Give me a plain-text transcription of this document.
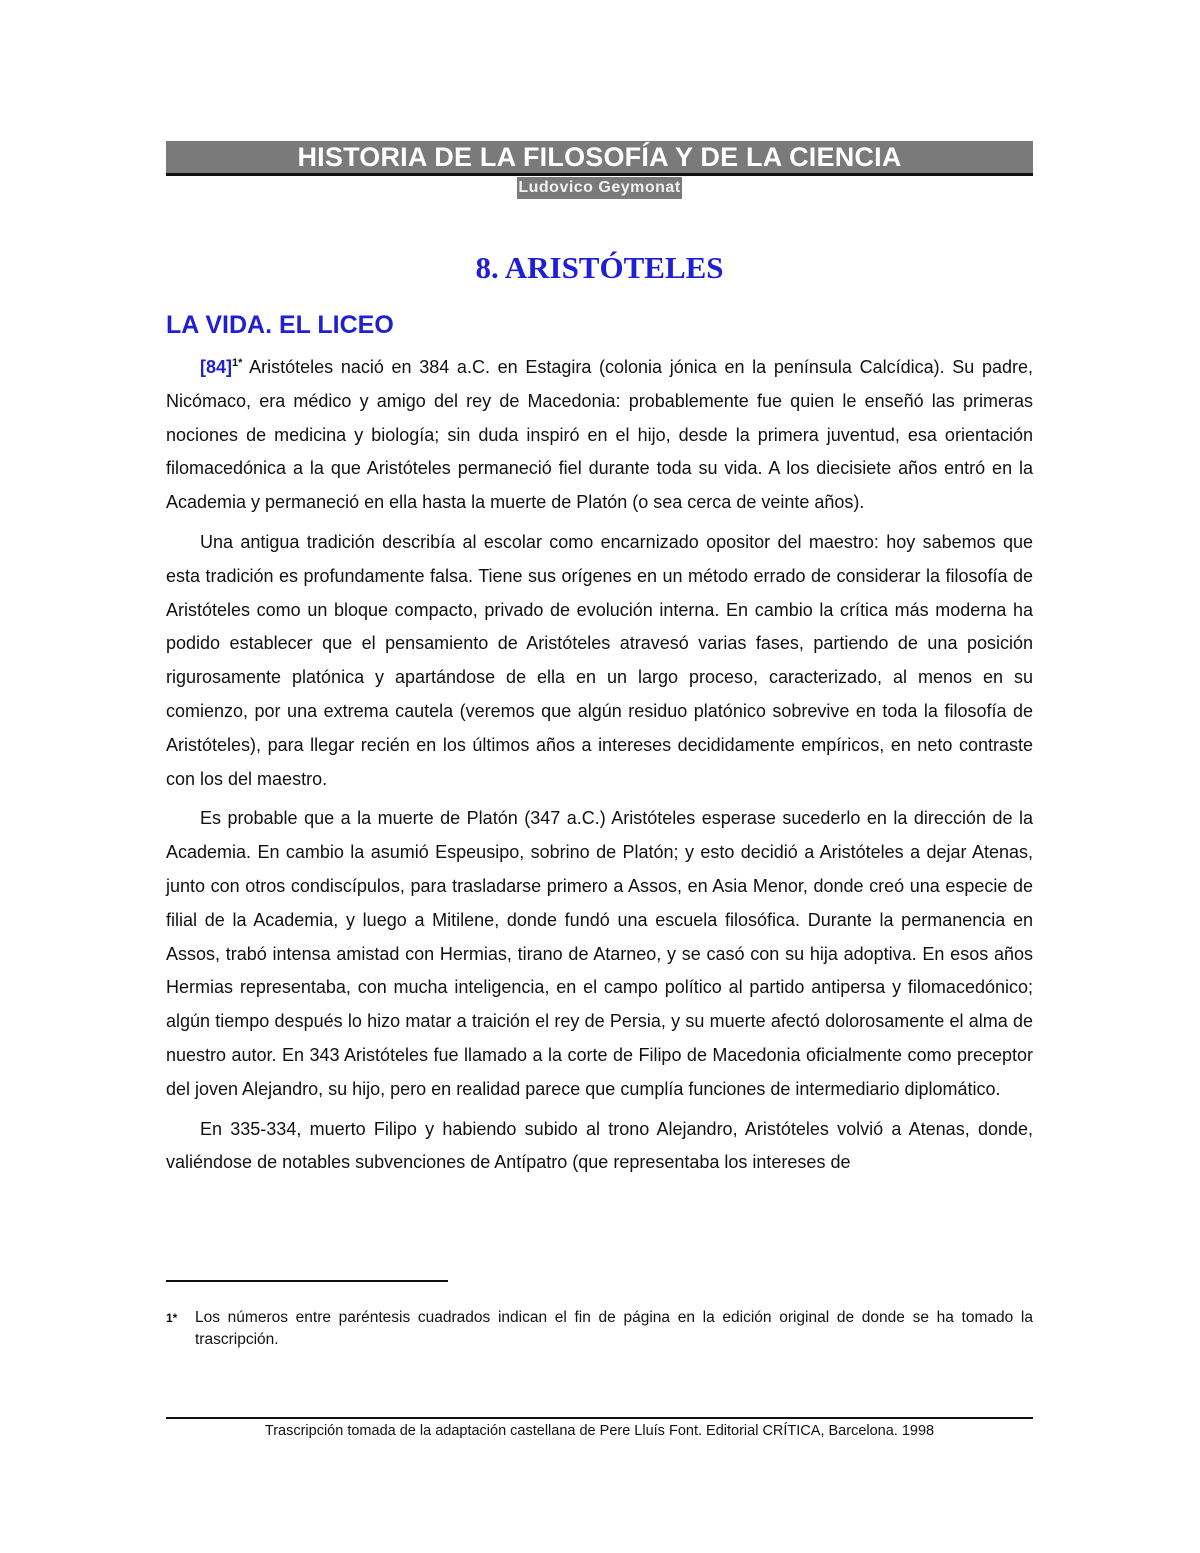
HISTORIA DE LA FILOSOFÍA Y DE LA CIENCIA
Ludovico Geymonat
8. ARISTÓTELES
LA VIDA. EL LICEO

[84]$^{1*}$ Aristóteles nació en 384 a.C. en Estagira (colonia jónica en la península Calcídica). Su padre, Nicómaco, era médico y amigo del rey de Macedonia: probablemente fue quien le enseñó las primeras nociones de medicina y biología; sin duda inspiró en el hijo, desde la primera juventud, esa orientación filomacedónica a la que Aristóteles permaneció fiel durante toda su vida. A los diecisiete años entró en la Academia y permaneció en ella hasta la muerte de Platón (o sea cerca de veinte años).

Una antigua tradición describía al escolar como encarnizado opositor del maestro: hoy sabemos que esta tradición es profundamente falsa. Tiene sus orígenes en un método errado de considerar la filosofía de Aristóteles como un bloque compacto, privado de evolución interna. En cambio la crítica más moderna ha podido establecer que el pensamiento de Aristóteles atravesó varias fases, partiendo de una posición rigurosamente platónica y apartándose de ella en un largo proceso, caracterizado, al menos en su comienzo, por una extrema cautela (veremos que algún residuo platónico sobrevive en toda la filosofía de Aristóteles), para llegar recién en los últimos años a intereses decididamente empíricos, en neto contraste con los del maestro.

Es probable que a la muerte de Platón (347 a.C.) Aristóteles esperase sucederlo en la dirección de la Academia. En cambio la asumió Espeusipo, sobrino de Platón; y esto decidió a Aristóteles a dejar Atenas, junto con otros condiscípulos, para trasladarse primero a Assos, en Asia Menor, donde creó una especie de filial de la Academia, y luego a Mitilene, donde fundó una escuela filosófica. Durante la permanencia en Assos, trabó intensa amistad con Hermias, tirano de Atarneo, y se casó con su hija adoptiva. En esos años Hermias representaba, con mucha inteligencia, en el campo político al partido antipersa y filomacedónico; algún tiempo después lo hizo matar a traición el rey de Persia, y su muerte afectó dolorosamente el alma de nuestro autor. En 343 Aristóteles fue llamado a la corte de Filipo de Macedonia oficialmente como preceptor del joven Alejandro, su hijo, pero en realidad parece que cumplía funciones de intermediario diplomático.

En 335-334, muerto Filipo y habiendo subido al trono Alejandro, Aristóteles volvió a Atenas, donde, valiéndose de notables subvenciones de Antípatro (que representaba los intereses de

1* Los números entre paréntesis cuadrados indican el fin de página en la edición original de donde se ha tomado la trascripción.
Trascripción tomada de la adaptación castellana de Pere Lluís Font. Editorial CRÍTICA, Barcelona. 1998
